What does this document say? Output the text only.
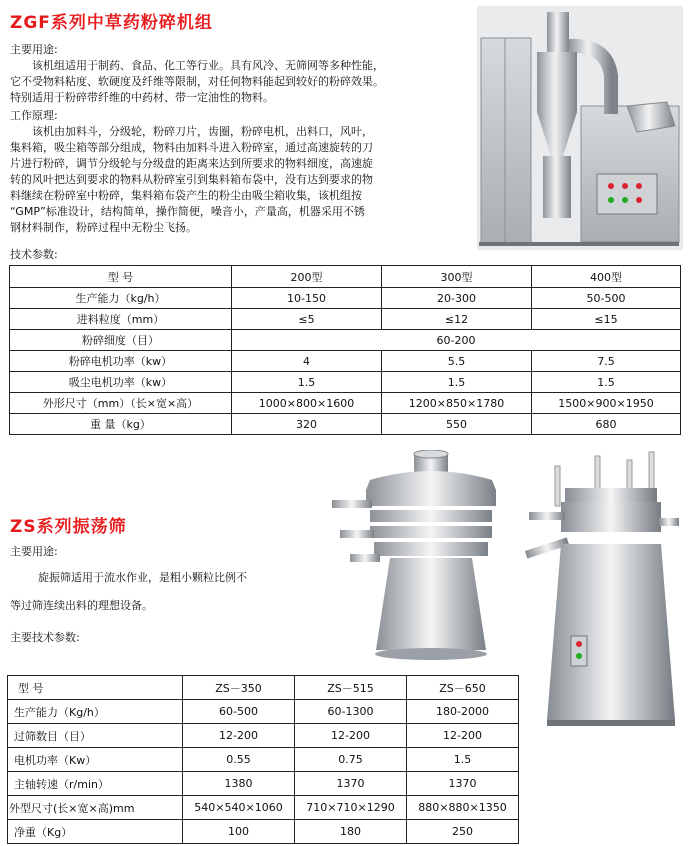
ZGF系列中草药粉碎机组
主要用途:
该机组适用于制药、食品、化工等行业。具有风冷、无筛网等多种性能，
它不受物料粘度、软硬度及纤维等限制，对任何物料能起到较好的粉碎效果。
特别适用于粉碎带纤维的中药材、带一定油性的物料。
工作原理:
该机由加料斗，分级轮，粉碎刀片，齿圈，粉碎电机，出料口，风叶，
集料箱，吸尘箱等部分组成，物料由加料斗进入粉碎室，通过高速旋转的刀
片进行粉碎，调节分级轮与分级盘的距离来达到所要求的物料细度，高速旋
转的风叶把达到要求的物料从粉碎室引到集料箱布袋中，没有达到要求的物
料继续在粉碎室中粉碎，集料箱布袋产生的粉尘由吸尘箱收集，该机组按
“GMP”标准设计，结构简单，操作简便，噪音小，产量高，机器采用不锈
钢材料制作，粉碎过程中无粉尘飞扬。
技术参数:
型 号	200型	300型	400型
生产能力（kg/h）	10-150	20-300	50-500
进料粒度（mm）	≤5	≤12	≤15
粉碎细度（目）	60-200		
粉碎电机功率（kw）	4	5.5	7.5
吸尘电机功率（kw）	1.5	1.5	1.5
外形尺寸（mm）（长×宽×高）	1000×800×1600	1200×850×1780	1500×900×1950
重 量（kg）	320	550	680
ZS系列振荡筛
主要用途:
旋振筛适用于流水作业，是粗小颗粒比例不
等过筛连续出料的理想设备。
主要技术参数:
型 号	ZS－350	ZS－515	ZS－650
生产能力（Kg/h）	60-500	60-1300	180-2000
过筛数目（目）	12-200	12-200	12-200
电机功率（Kw）	0.55	0.75	1.5
主轴转速（r/min）	1380	1370	1370
外型尺寸(长×宽×高)mm	540×540×1060	710×710×1290	880×880×1350
净重（Kg）	100	180	250
